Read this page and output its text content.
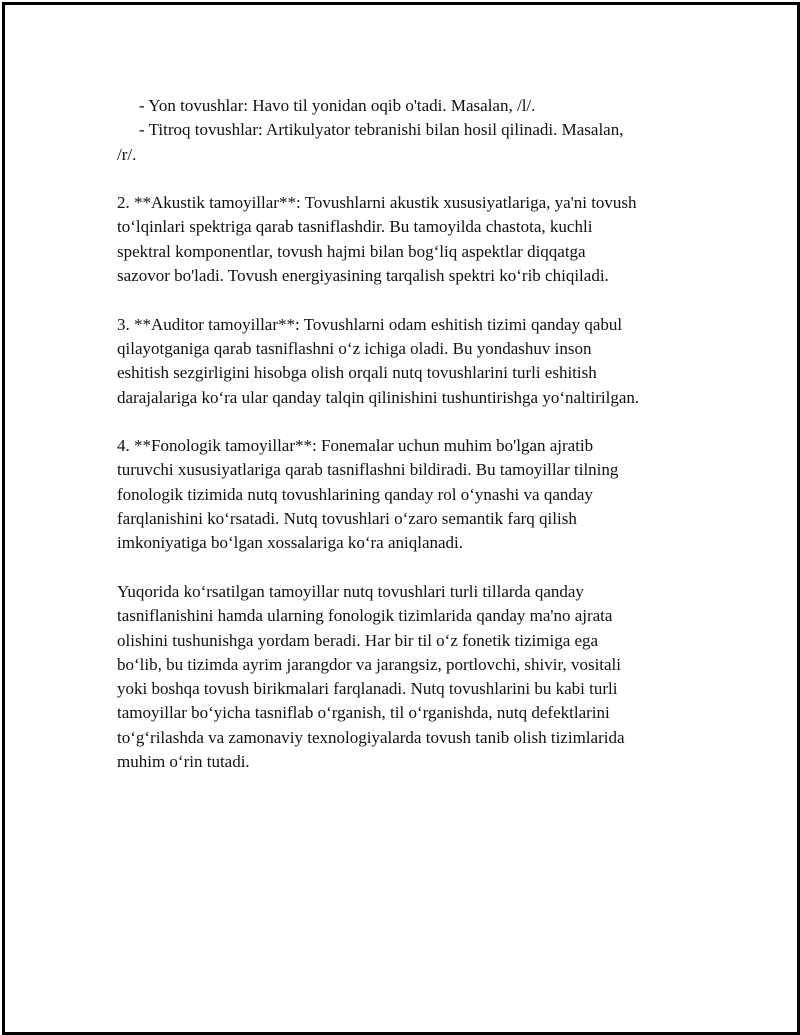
- Yon tovushlar: Havo til yonidan oqib o'tadi. Masalan, /l/.
- Titroq tovushlar: Artikulyator tebranishi bilan hosil qilinadi. Masalan,
/r/.
2. **Akustik tamoyillar**: Tovushlarni akustik xususiyatlariga, ya'ni tovush
to‘lqinlari spektriga qarab tasniflashdir. Bu tamoyilda chastota, kuchli
spektral komponentlar, tovush hajmi bilan bog‘liq aspektlar diqqatga
sazovor bo'ladi. Tovush energiyasining tarqalish spektri ko‘rib chiqiladi.
3. **Auditor tamoyillar**: Tovushlarni odam eshitish tizimi qanday qabul
qilayotganiga qarab tasniflashni o‘z ichiga oladi. Bu yondashuv inson
eshitish sezgirligini hisobga olish orqali nutq tovushlarini turli eshitish
darajalariga ko‘ra ular qanday talqin qilinishini tushuntirishga yo‘naltirilgan.
4. **Fonologik tamoyillar**: Fonemalar uchun muhim bo'lgan ajratib
turuvchi xususiyatlariga qarab tasniflashni bildiradi. Bu tamoyillar tilning
fonologik tizimida nutq tovushlarining qanday rol o‘ynashi va qanday
farqlanishini ko‘rsatadi. Nutq tovushlari o‘zaro semantik farq qilish
imkoniyatiga bo‘lgan xossalariga ko‘ra aniqlanadi.
Yuqorida ko‘rsatilgan tamoyillar nutq tovushlari turli tillarda qanday
tasniflanishini hamda ularning fonologik tizimlarida qanday ma'no ajrata
olishini tushunishga yordam beradi. Har bir til o‘z fonetik tizimiga ega
bo‘lib, bu tizimda ayrim jarangdor va jarangsiz, portlovchi, shivir, vositali
yoki boshqa tovush birikmalari farqlanadi. Nutq tovushlarini bu kabi turli
tamoyillar bo‘yicha tasniflab o‘rganish, til o‘rganishda, nutq defektlarini
to‘g‘rilashda va zamonaviy texnologiyalarda tovush tanib olish tizimlarida
muhim o‘rin tutadi.
